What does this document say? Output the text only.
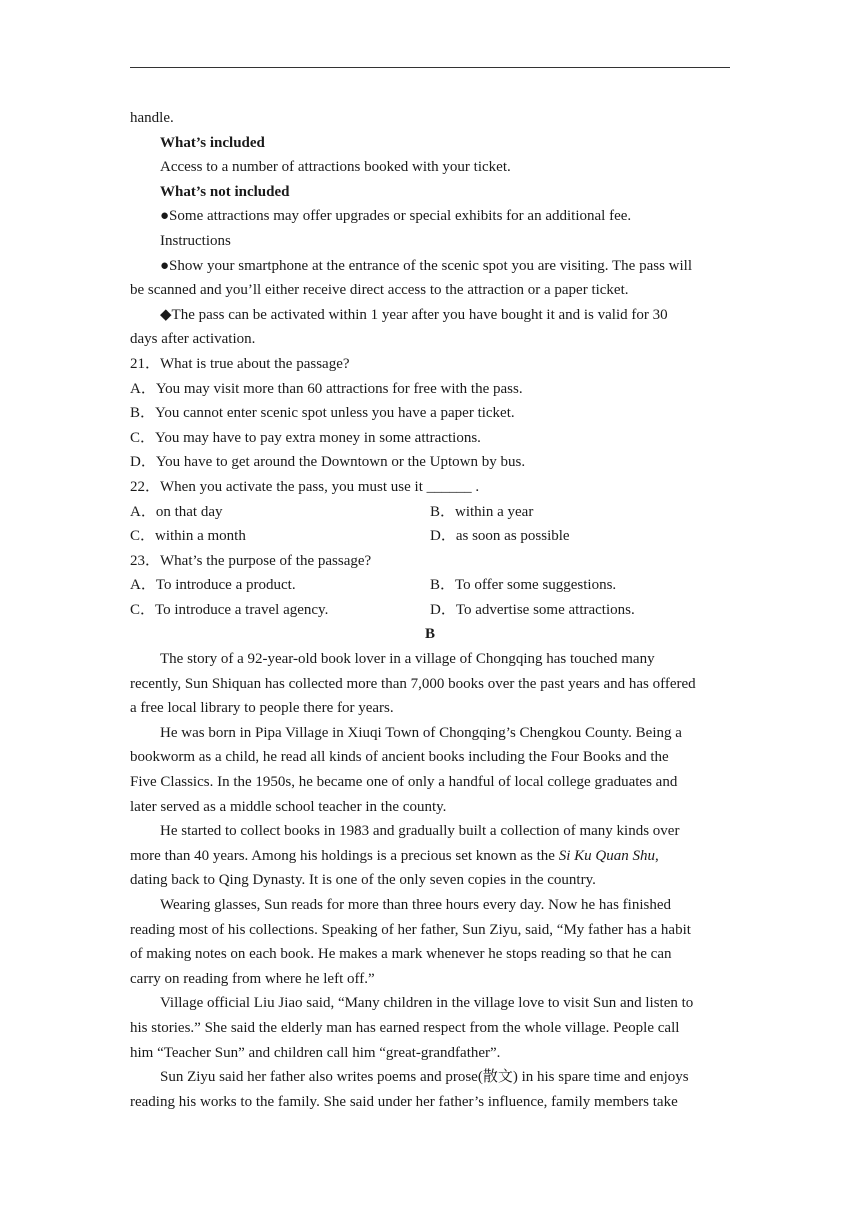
handle.
What’s included
Access to a number of attractions booked with your ticket.
What’s not included
●Some attractions may offer upgrades or special exhibits for an additional fee.
Instructions
●Show your smartphone at the entrance of the scenic spot you are visiting. The pass will
be scanned and you’ll either receive direct access to the attraction or a paper ticket.
◆The pass can be activated within 1 year after you have bought it and is valid for 30
days after activation.
21．What is true about the passage?
A．You may visit more than 60 attractions for free with the pass.
B．You cannot enter scenic spot unless you have a paper ticket.
C．You may have to pay extra money in some attractions.
D．You have to get around the Downtown or the Uptown by bus.
22．When you activate the pass, you must use it ______ .
A．on that day	B．within a year
C．within a month	D．as soon as possible
23．What’s the purpose of the passage?
A．To introduce a product.	B．To offer some suggestions.
C．To introduce a travel agency.	D．To advertise some attractions.
B
The story of a 92-year-old book lover in a village of Chongqing has touched many
recently, Sun Shiquan has collected more than 7,000 books over the past years and has offered
a free local library to people there for years.
He was born in Pipa Village in Xiuqi Town of Chongqing’s Chengkou County. Being a
bookworm as a child, he read all kinds of ancient books including the Four Books and the
Five Classics. In the 1950s, he became one of only a handful of local college graduates and
later served as a middle school teacher in the county.
He started to collect books in 1983 and gradually built a collection of many kinds over
more than 40 years. Among his holdings is a precious set known as the Si Ku Quan Shu,
dating back to Qing Dynasty. It is one of the only seven copies in the country.
Wearing glasses, Sun reads for more than three hours every day. Now he has finished
reading most of his collections. Speaking of her father, Sun Ziyu, said, “My father has a habit
of making notes on each book. He makes a mark whenever he stops reading so that he can
carry on reading from where he left off.”
Village official Liu Jiao said, “Many children in the village love to visit Sun and listen to
his stories.” She said the elderly man has earned respect from the whole village. People call
him “Teacher Sun” and children call him “great-grandfather”.
Sun Ziyu said her father also writes poems and prose(散文) in his spare time and enjoys
reading his works to the family. She said under her father’s influence, family members take
